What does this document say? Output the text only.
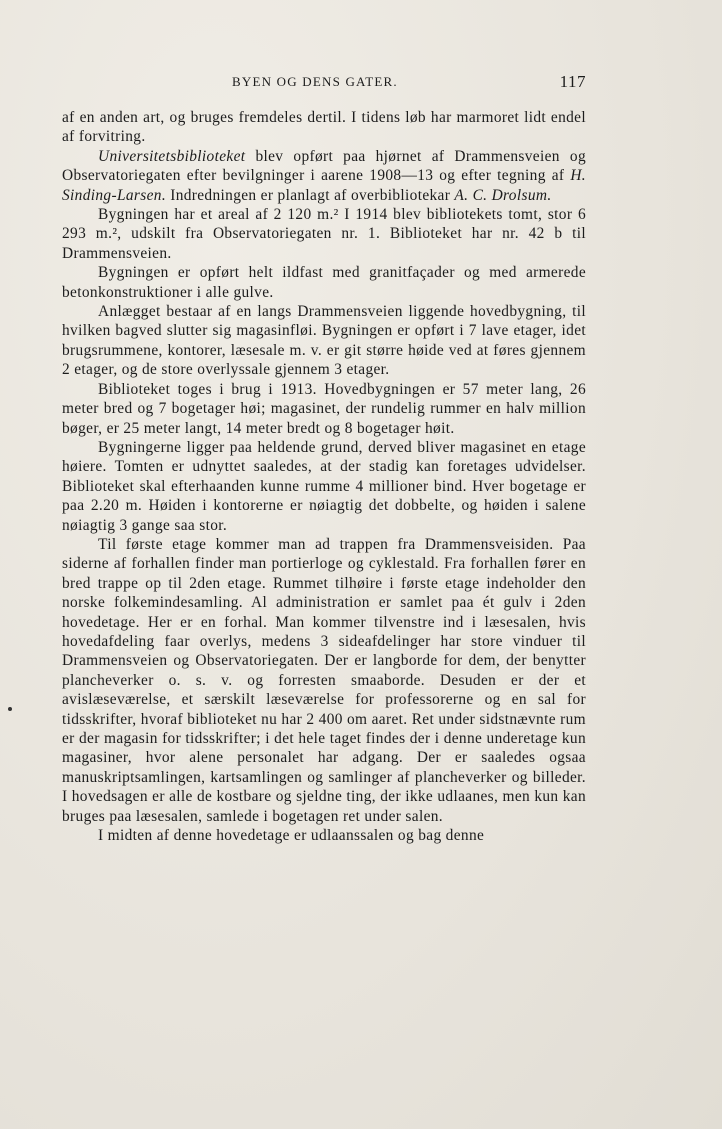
BYEN OG DENS GATER.	117

af en anden art, og bruges fremdeles dertil. I tidens løb har marmoret lidt endel af forvitring.

Universitetsbiblioteket blev opført paa hjørnet af Drammensveien og Observatoriegaten efter bevilgninger i aarene 1908—13 og efter tegning af H. Sinding-Larsen. Indredningen er planlagt af overbibliotekar A. C. Drolsum.

Bygningen har et areal af 2 120 m.² I 1914 blev bibliotekets tomt, stor 6 293 m.², udskilt fra Observatoriegaten nr. 1. Biblioteket har nr. 42 b til Drammensveien.

Bygningen er opført helt ildfast med granitfaçader og med armerede betonkonstruktioner i alle gulve.

Anlægget bestaar af en langs Drammensveien liggende hovedbygning, til hvilken bagved slutter sig magasinfløi. Bygningen er opført i 7 lave etager, idet brugsrummene, kontorer, læsesale m. v. er git større høide ved at føres gjennem 2 etager, og de store overlyssale gjennem 3 etager.

Biblioteket toges i brug i 1913. Hovedbygningen er 57 meter lang, 26 meter bred og 7 bogetager høi; magasinet, der rundelig rummer en halv million bøger, er 25 meter langt, 14 meter bredt og 8 bogetager høit.

Bygningerne ligger paa heldende grund, derved bliver magasinet en etage høiere. Tomten er udnyttet saaledes, at der stadig kan foretages udvidelser. Biblioteket skal efterhaanden kunne rumme 4 millioner bind. Hver bogetage er paa 2.20 m. Høiden i kontorerne er nøiagtig det dobbelte, og høiden i salene nøiagtig 3 gange saa stor.

Til første etage kommer man ad trappen fra Drammensveisiden. Paa siderne af forhallen finder man portierloge og cyklestald. Fra forhallen fører en bred trappe op til 2den etage. Rummet tilhøire i første etage indeholder den norske folkemindesamling. Al administration er samlet paa ét gulv i 2den hovedetage. Her er en forhal. Man kommer tilvenstre ind i læsesalen, hvis hovedafdeling faar overlys, medens 3 sideafdelinger har store vinduer til Drammensveien og Observatoriegaten. Der er langborde for dem, der benytter plancheverker o. s. v. og forresten smaaborde. Desuden er der et avislæseværelse, et særskilt læseværelse for professorerne og en sal for tidsskrifter, hvoraf biblioteket nu har 2 400 om aaret. Ret under sidstnævnte rum er der magasin for tidsskrifter; i det hele taget findes der i denne underetage kun magasiner, hvor alene personalet har adgang. Der er saaledes ogsaa manuskriptsamlingen, kartsamlingen og samlinger af plancheverker og billeder. I hovedsagen er alle de kostbare og sjeldne ting, der ikke udlaanes, men kun kan bruges paa læsesalen, samlede i bogetagen ret under salen.

I midten af denne hovedetage er udlaanssalen og bag denne
